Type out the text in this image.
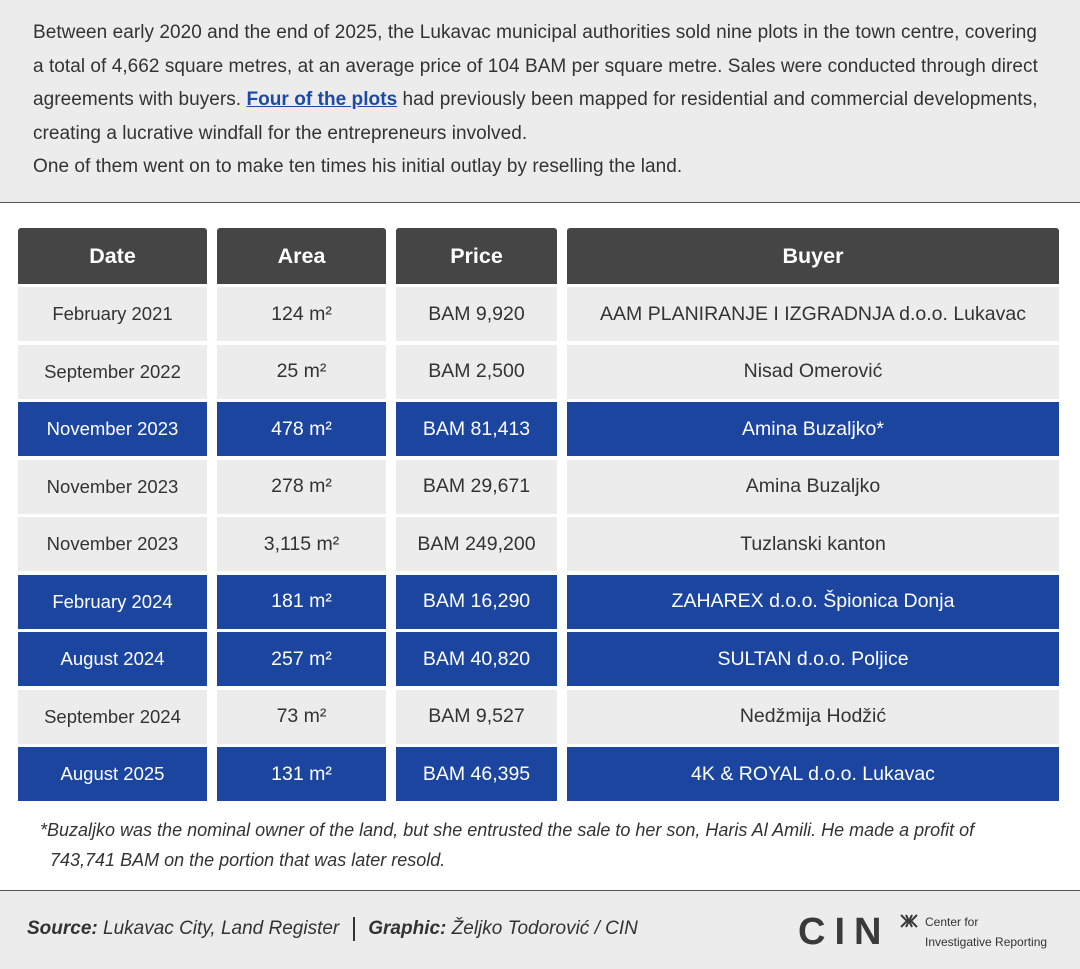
Between early 2020 and the end of 2025, the Lukavac municipal authorities sold nine plots in the town centre, covering a total of 4,662 square metres, at an average price of 104 BAM per square metre. Sales were conducted through direct agreements with buyers. Four of the plots had previously been mapped for residential and commercial developments, creating a lucrative windfall for the entrepreneurs involved.
One of them went on to make ten times his initial outlay by reselling the land.

Date	Area	Price	Buyer
February 2021	124 m²	BAM 9,920	AAM PLANIRANJE I IZGRADNJA d.o.o. Lukavac
September 2022	25 m²	BAM 2,500	Nisad Omerović
November 2023	478 m²	BAM 81,413	Amina Buzaljko*
November 2023	278 m²	BAM 29,671	Amina Buzaljko
November 2023	3,115 m²	BAM 249,200	Tuzlanski kanton
February 2024	181 m²	BAM 16,290	ZAHAREX d.o.o. Špionica Donja
August 2024	257 m²	BAM 40,820	SULTAN d.o.o. Poljice
September 2024	73 m²	BAM 9,527	Nedžmija Hodžić
August 2025	131 m²	BAM 46,395	4K & ROYAL d.o.o. Lukavac
*Buzaljko was the nominal owner of the land, but she entrusted the sale to her son, Haris Al Amili. He made a profit of
743,741 BAM on the portion that was later resold.
Source:
Lukavac City, Land Register Graphic:
Željko Todorović / CIN	CIN	Center for
Investigative Reporting
